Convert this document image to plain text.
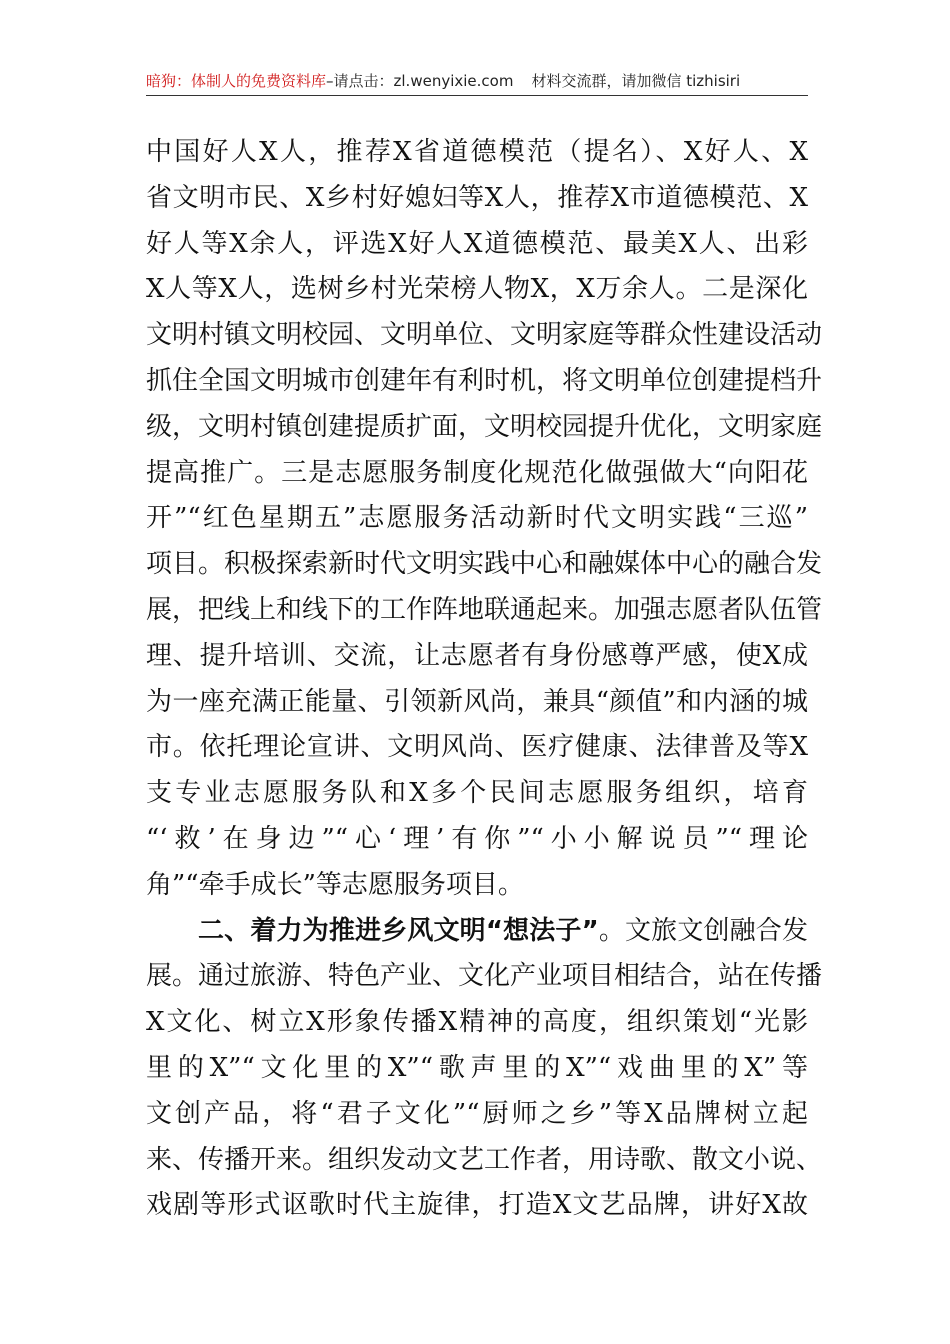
暗狗：体制人的免费资料库–请点击：zl.wenyixie.com 材料交流群，请加微信 tizhisiri
中国好人X人，推荐X省道德模范（提名）、X好人、X
省文明市民、X乡村好媳妇等X人，推荐X市道德模范、X
好人等X余人，评选X好人X道德模范、最美X人、出彩
X人等X人，选树乡村光荣榜人物X，X万余人。二是深化
文明村镇文明校园、文明单位、文明家庭等群众性建设活动
抓住全国文明城市创建年有利时机，将文明单位创建提档升
级，文明村镇创建提质扩面，文明校园提升优化，文明家庭
提高推广。三是志愿服务制度化规范化做强做大“向阳花
开”“红色星期五”志愿服务活动新时代文明实践“三巡”
项目。积极探索新时代文明实践中心和融媒体中心的融合发
展，把线上和线下的工作阵地联通起来。加强志愿者队伍管
理、提升培训、交流，让志愿者有身份感尊严感，使X成
为一座充满正能量、引领新风尚，兼具“颜值”和内涵的城
市。依托理论宣讲、文明风尚、医疗健康、法律普及等X
支专业志愿服务队和X多个民间志愿服务组织，培育
“‘救’在身边”“心‘理’有你”“小小解说员”“理论
角”“牵手成长”等志愿服务项目。
二、着力为推进乡风文明“想法子”。文旅文创融合发
展。通过旅游、特色产业、文化产业项目相结合，站在传播
X文化、树立X形象传播X精神的高度，组织策划“光影
里的X”“文化里的X”“歌声里的X”“戏曲里的X”等
文创产品，将“君子文化”“厨师之乡”等X品牌树立起
来、传播开来。组织发动文艺工作者，用诗歌、散文小说、
戏剧等形式讴歌时代主旋律，打造X文艺品牌，讲好X故
